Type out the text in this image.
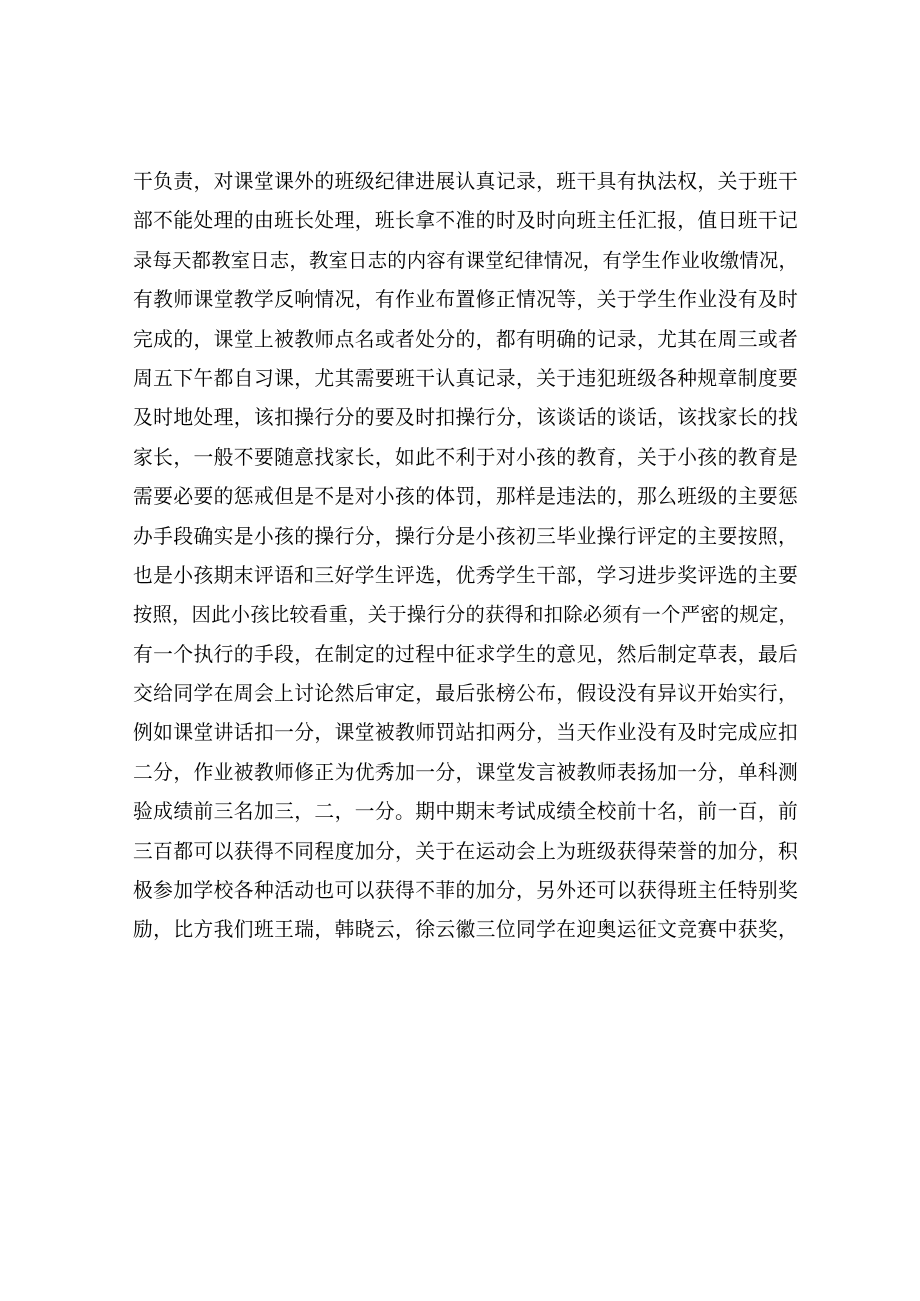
干负责，对课堂课外的班级纪律进展认真记录，班干具有执法权，关于班干
部不能处理的由班长处理，班长拿不准的时及时向班主任汇报，值日班干记
录每天都教室日志，教室日志的内容有课堂纪律情况，有学生作业收缴情况，
有教师课堂教学反响情况，有作业布置修正情况等，关于学生作业没有及时
完成的，课堂上被教师点名或者处分的，都有明确的记录，尤其在周三或者
周五下午都自习课，尤其需要班干认真记录，关于违犯班级各种规章制度要
及时地处理，该扣操行分的要及时扣操行分，该谈话的谈话，该找家长的找
家长，一般不要随意找家长，如此不利于对小孩的教育，关于小孩的教育是
需要必要的惩戒但是不是对小孩的体罚，那样是违法的，那么班级的主要惩
办手段确实是小孩的操行分，操行分是小孩初三毕业操行评定的主要按照，
也是小孩期末评语和三好学生评选，优秀学生干部，学习进步奖评选的主要
按照，因此小孩比较看重，关于操行分的获得和扣除必须有一个严密的规定，
有一个执行的手段，在制定的过程中征求学生的意见，然后制定草表，最后
交给同学在周会上讨论然后审定，最后张榜公布，假设没有异议开始实行，
例如课堂讲话扣一分，课堂被教师罚站扣两分，当天作业没有及时完成应扣
二分，作业被教师修正为优秀加一分，课堂发言被教师表扬加一分，单科测
验成绩前三名加三，二，一分。期中期末考试成绩全校前十名，前一百，前
三百都可以获得不同程度加分，关于在运动会上为班级获得荣誉的加分，积
极参加学校各种活动也可以获得不菲的加分，另外还可以获得班主任特别奖
励，比方我们班王瑞，韩晓云，徐云徽三位同学在迎奥运征文竞赛中获奖，
